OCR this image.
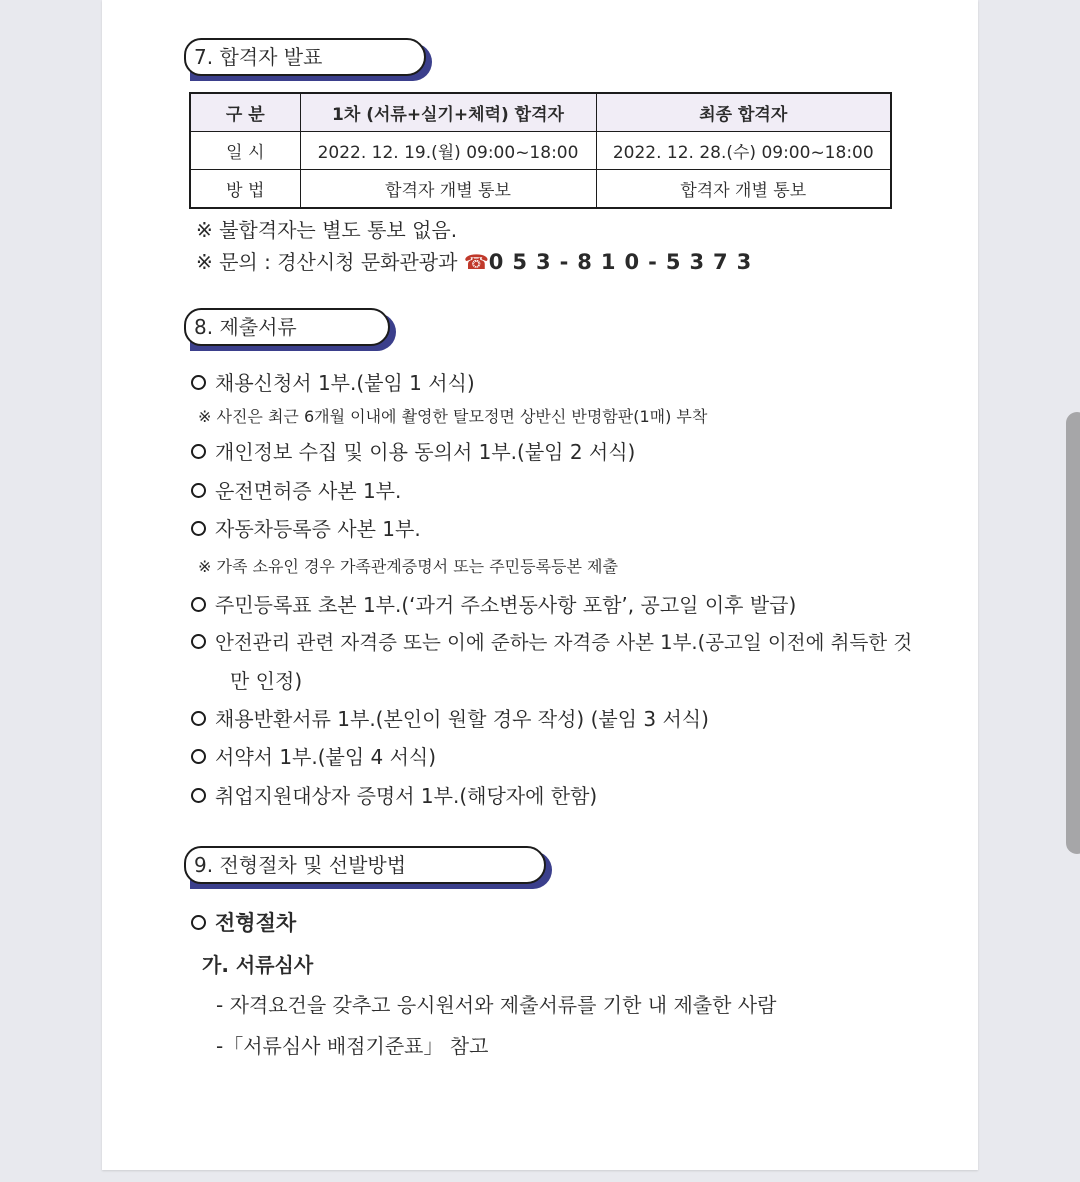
7. 합격자 발표
구 분	1차 (서류+실기+체력) 합격자	최종 합격자
일 시	2022. 12. 19.(월) 09:00~18:00	2022. 12. 28.(수) 09:00~18:00
방 법	합격자 개별 통보	합격자 개별 통보
※ 불합격자는 별도 통보 없음.
※ 문의 : 경산시청 문화관광과 ☎053-810-5373
8. 제출서류
채용신청서 1부.(붙임 1 서식)
※ 사진은 최근 6개월 이내에 촬영한 탈모정면 상반신 반명함판(1매) 부착
개인정보 수집 및 이용 동의서 1부.(붙임 2 서식)
운전면허증 사본 1부.
자동차등록증 사본 1부.
※ 가족 소유인 경우 가족관계증명서 또는 주민등록등본 제출
주민등록표 초본 1부.(‘과거 주소변동사항 포함’, 공고일 이후 발급)
안전관리 관련 자격증 또는 이에 준하는 자격증 사본 1부.(공고일 이전에 취득한 것
만 인정)
채용반환서류 1부.(본인이 원할 경우 작성) (붙임 3 서식)
서약서 1부.(붙임 4 서식)
취업지원대상자 증명서 1부.(해당자에 한함)
9. 전형절차 및 선발방법
전형절차
가. 서류심사
- 자격요건을 갖추고 응시원서와 제출서류를 기한 내 제출한 사람
-「서류심사 배점기준표」 참고
